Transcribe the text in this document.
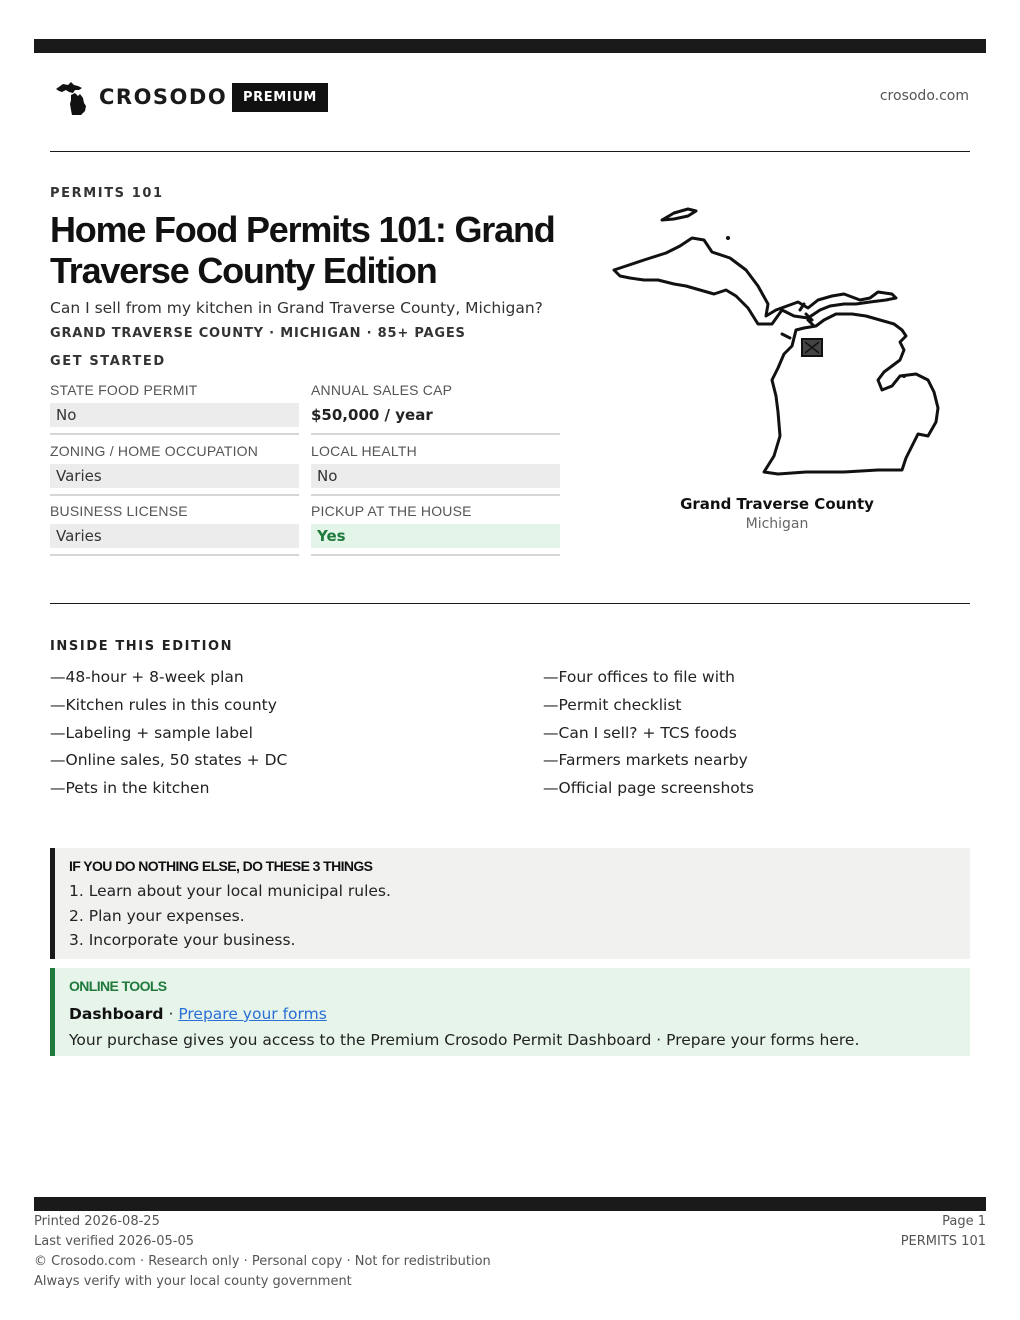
CROSODO	PREMIUM	crosodo.com
PERMITS 101
Home Food Permits 101: Grand Traverse County Edition
Can I sell from my kitchen in Grand Traverse County, Michigan?
GRAND TRAVERSE COUNTY · MICHIGAN · 85+ PAGES
GET STARTED
STATE FOOD PERMIT
No
ANNUAL SALES CAP
$50,000 / year
ZONING / HOME OCCUPATION
Varies
LOCAL HEALTH
No
BUSINESS LICENSE
Varies
PICKUP AT THE HOUSE
Yes
Grand Traverse County
Michigan
INSIDE THIS EDITION
—48-hour + 8-week plan
—Kitchen rules in this county
—Labeling + sample label
—Online sales, 50 states + DC
—Pets in the kitchen
—Four offices to file with
—Permit checklist
—Can I sell? + TCS foods
—Farmers markets nearby
—Official page screenshots
IF YOU DO NOTHING ELSE, DO THESE 3 THINGS
1. Learn about your local municipal rules.
2. Plan your expenses.
3. Incorporate your business.
ONLINE TOOLS
Dashboard · Prepare your forms
Your purchase gives you access to the Premium Crosodo Permit Dashboard · Prepare your forms here.
Printed 2026-08-25
Last verified 2026-05-05
© Crosodo.com · Research only · Personal copy · Not for redistribution
Always verify with your local county government
Page 1
PERMITS 101
